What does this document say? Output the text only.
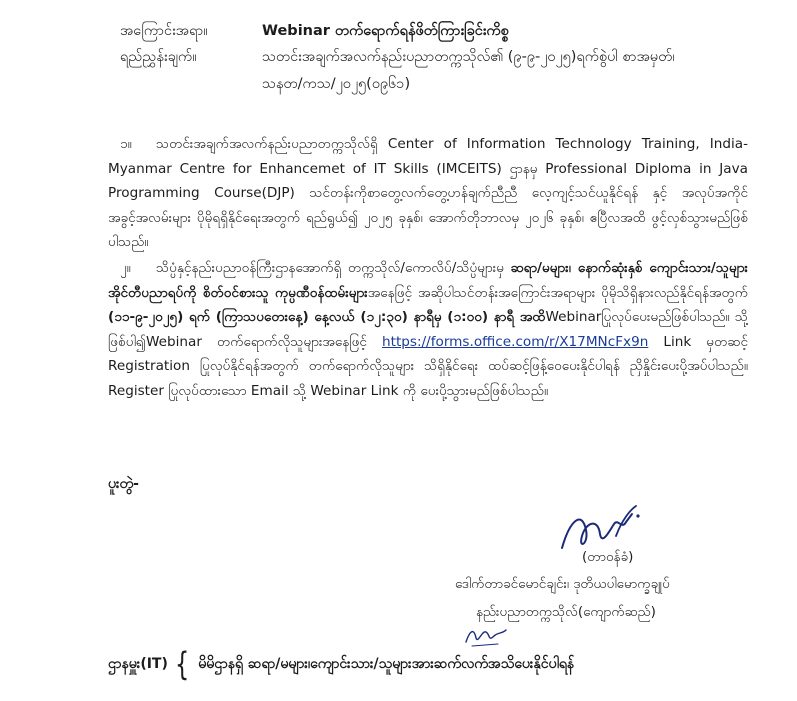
အကြောင်းအရာ။	Webinar တက်ရောက်ရန်ဖိတ်ကြားခြင်းကိစ္စ
ရည်ညွှန်းချက်။	သတင်းအချက်အလက်နည်းပညာတက္ကသိုလ်၏ (၉-၉-၂၀၂၅)ရက်စွဲပါ စာအမှတ်၊
သနတ/ကသ/၂၀၂၅(၀၉၆၁)
၁။ သတင်းအချက်အလက်နည်းပညာတက္ကသိုလ်ရှိ Center of Information Technology Training, India- Myanmar Centre for Enhancemet of IT Skills (IMCEITS) ဌာနမှ Professional Diploma in Java Programming Course(DJP) သင်တန်းကိုစာတွေ့လက်တွေ့ဟန်ချက်ညီညီ လေ့ကျင့်သင်ယူနိုင်ရန် နှင့် အလုပ်အကိုင်အခွင့်အလမ်းများ ပိုမိုရရှိနိုင်ရေးအတွက် ရည်ရွယ်၍ ၂၀၂၅ ခုနှစ်၊ အောက်တိုဘာလမှ ၂၀၂၆ ခုနှစ်၊ ဧပြီလအထိ ဖွင့်လှစ်သွားမည်ဖြစ်ပါသည်။
၂။ သိပ္ပံနှင့်နည်းပညာဝန်ကြီးဌာနအောက်ရှိ တက္ကသိုလ်/ကောလိပ်/သိပ္ပံများမှ ဆရာ/မများ၊ နောက်ဆုံးနှစ် ကျောင်းသား/သူများ အိုင်တီပညာရပ်ကို စိတ်ဝင်စားသူ ကုမ္ပဏီဝန်ထမ်းများအနေဖြင့် အဆိုပါသင်တန်းအကြောင်းအရာများ ပိုမိုသိရှိနားလည်နိုင်ရန်အတွက် (၁၁-၉-၂၀၂၅) ရက် (ကြာသပတေးနေ့) နေ့လယ် (၁၂:၃၀) နာရီမှ (၁:၀၀) နာရီ အထိWebinarပြုလုပ်ပေးမည်ဖြစ်ပါသည်။ သို့ဖြစ်ပါ၍Webinar တက်ရောက်လိုသူများအနေဖြင့် https://forms.office.com/r/X17MNcFx9n Link မှတဆင့် Registration ပြုလုပ်နိုင်ရန်အတွက် တက်ရောက်လိုသူများ သိရှိနိုင်ရေး ထပ်ဆင့်ဖြန့်ဝေပေးနိုင်ပါရန် ညှိနှိုင်းပေးပို့အပ်ပါသည်။ Register ပြုလုပ်ထားသော Email သို့ Webinar Link ကို ပေးပို့သွားမည်ဖြစ်ပါသည်။
ပူးတွဲ-
(တာဝန်ခံ)
ဒေါက်တာခင်မောင်ချင်း၊ ဒုတိယပါမောက္ခချုပ်
နည်းပညာတက္ကသိုလ်(ကျောက်ဆည်)
ဌာနမှူး(IT) { မိမိဌာနရှိ ဆရာ/မများ၊ကျောင်းသား/သူများအားဆက်လက်အသိပေးနိုင်ပါရန်
